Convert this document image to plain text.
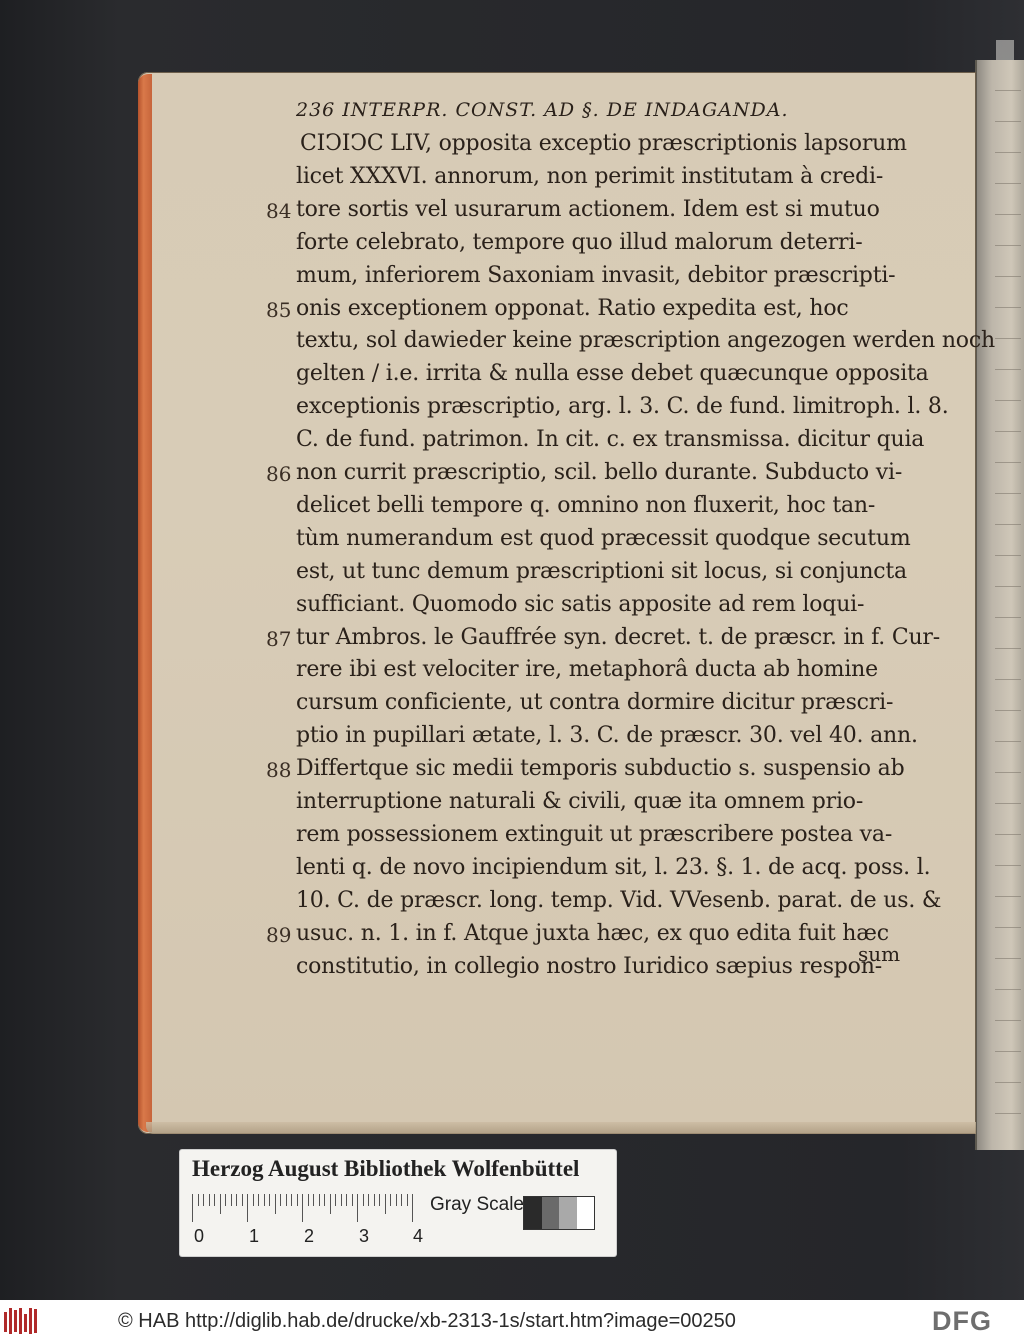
236 INTERPR. CONST. AD §. DE INDAGANDA.
CIↃIↃC LIV, opposita exceptio præscriptionis lapsorum
licet XXXVI. annorum, non perimit institutam à credi-
tore sortis vel usurarum actionem. Idem est si mutuo
forte celebrato, tempore quo illud malorum deterri-
mum, inferiorem Saxoniam invasit, debitor præscripti-
onis exceptionem opponat. Ratio expedita est, hoc
textu, sol dawieder keine præscription angezogen werden noch
gelten / i.e. irrita & nulla esse debet quæcunque opposita
exceptionis præscriptio, arg. l. 3. C. de fund. limitroph. l. 8.
C. de fund. patrimon. In cit. c. ex transmissa. dicitur quia
non currit præscriptio, scil. bello durante. Subducto vi-
delicet belli tempore q. omnino non fluxerit, hoc tan-
tùm numerandum est quod præcessit quodque secutum
est, ut tunc demum præscriptioni sit locus, si conjuncta
sufficiant. Quomodo sic satis apposite ad rem loqui-
tur Ambros. le Gauffrée syn. decret. t. de præscr. in f. Cur-
rere ibi est velociter ire, metaphorâ ducta ab homine
cursum conficiente, ut contra dormire dicitur præscri-
ptio in pupillari ætate, l. 3. C. de præscr. 30. vel 40. ann.
Differtque sic medii temporis subductio s. suspensio ab
interruptione naturali & civili, quæ ita omnem prio-
rem possessionem extinguit ut præscribere postea va-
lenti q. de novo incipiendum sit, l. 23. §. 1. de acq. poss. l.
10. C. de præscr. long. temp. Vid. VVesenb. parat. de us. &
usuc. n. 1. in f. Atque juxta hæc, ex quo edita fuit hæc
constitutio, in collegio nostro Iuridico sæpius respon-
84
85
86
87
88
89
sum
Herzog August Bibliothek Wolfenbüttel
0 1 2 3 4
Gray Scale
© HAB http://diglib.hab.de/drucke/xb-2313-1s/start.htm?image=00250	DFG
